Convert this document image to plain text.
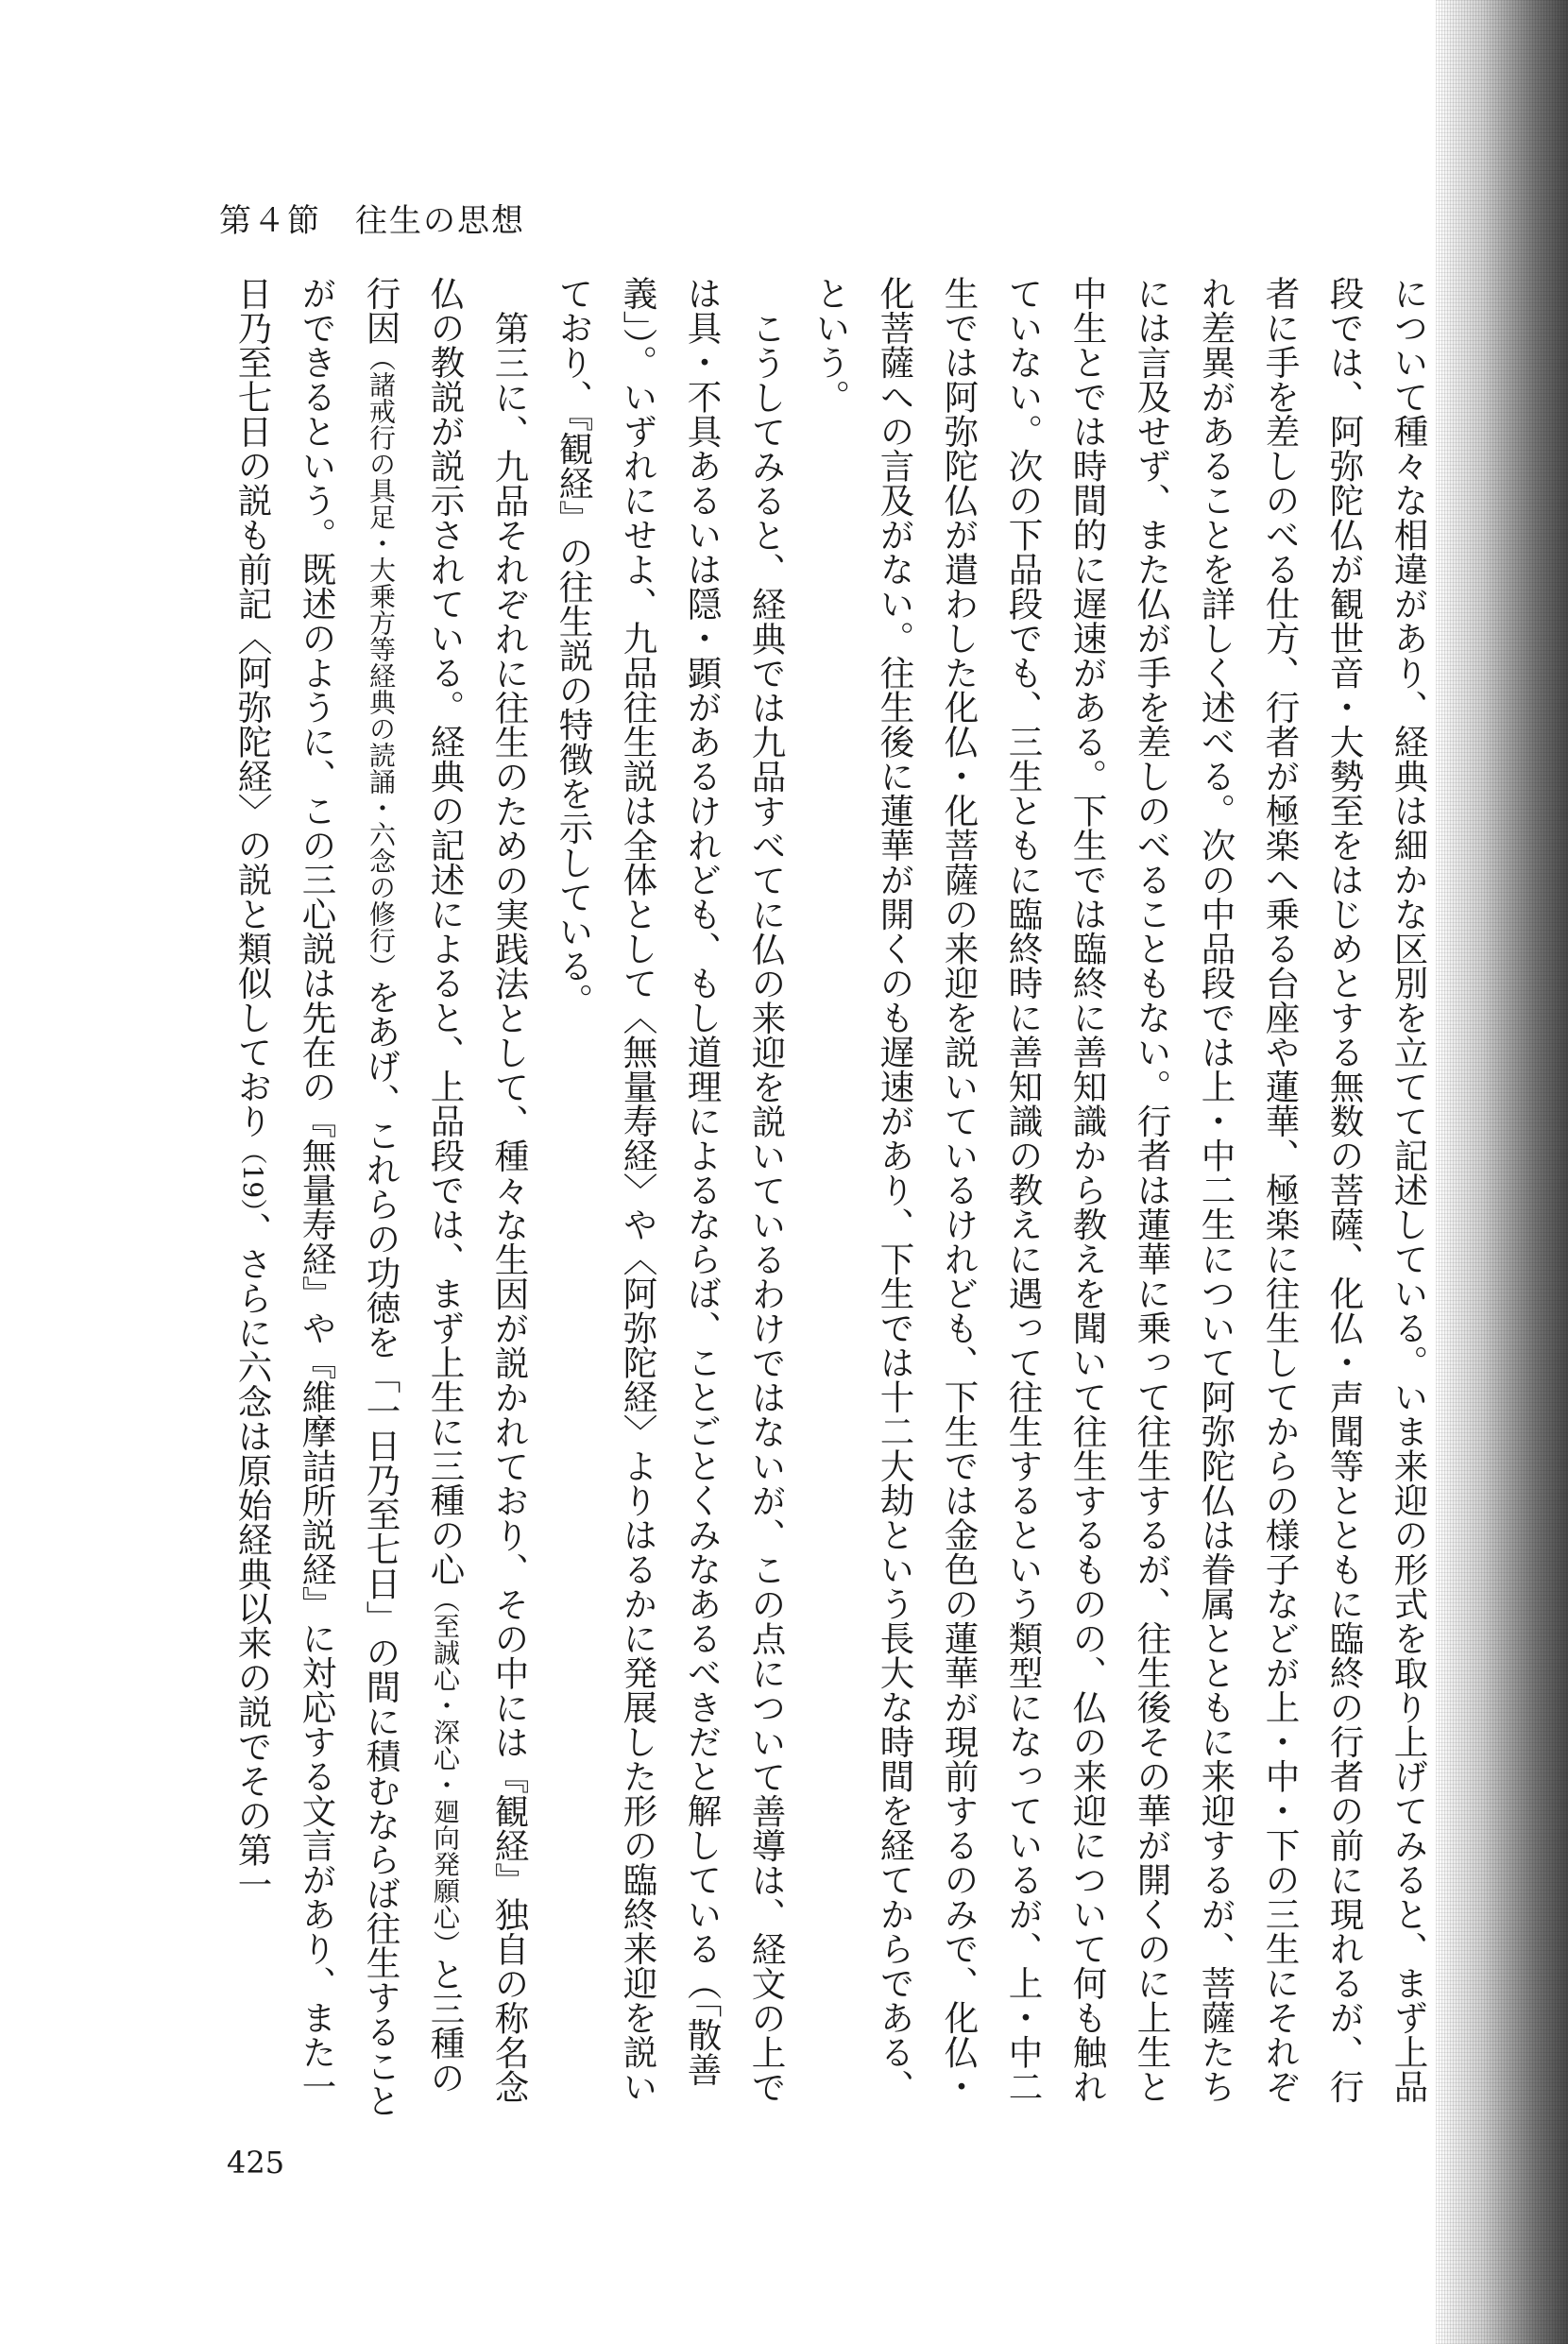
第４節　往生の思想

について種々な相違があり、経典は細かな区別を立てて記述している。いま来迎の形式を取り上げてみると、まず上品段では、阿弥陀仏が観世音・大勢至をはじめとする無数の菩薩、化仏・声聞等とともに臨終の行者の前に現れるが、行者に手を差しのべる仕方、行者が極楽へ乗る台座や蓮華、極楽に往生してからの様子などが上・中・下の三生にそれぞれ差異があることを詳しく述べる。次の中品段では上・中二生について阿弥陀仏は眷属とともに来迎するが、菩薩たちには言及せず、また仏が手を差しのべることもない。行者は蓮華に乗って往生するが、往生後その華が開くのに上生と中生とでは時間的に遅速がある。下生では臨終に善知識から教えを聞いて往生するものの、仏の来迎について何も触れていない。次の下品段でも、三生ともに臨終時に善知識の教えに遇って往生するという類型になっているが、上・中二生では阿弥陀仏が遣わした化仏・化菩薩の来迎を説いているけれども、下生では金色の蓮華が現前するのみで、化仏・化菩薩への言及がない。往生後に蓮華が開くのも遅速があり、下生では十二大劫という長大な時間を経てからである、という。

こうしてみると、経典では九品すべてに仏の来迎を説いているわけではないが、この点について善導は、経文の上では具・不具あるいは隠・顕があるけれども、もし道理によるならば、ことごとくみなあるべきだと解している（「散善義」）。いずれにせよ、九品往生説は全体として〈無量寿経〉や〈阿弥陀経〉よりはるかに発展した形の臨終来迎を説いており、『観経』の往生説の特徴を示している。

第三に、九品それぞれに往生のための実践法として、種々な生因が説かれており、その中には『観経』独自の称名念仏の教説が説示されている。経典の記述によると、上品段では、まず上生に三種の心（至誠心・深心・廻向発願心）と三種の行因（諸戒行の具足・大乗方等経典の読誦・六念の修行）をあげ、これらの功徳を「一日乃至七日」の間に積むならば往生することができるという。既述のように、この三心説は先在の『無量寿経』や『維摩詰所説経』に対応する文言があり、また一日乃至七日の説も前記〈阿弥陀経〉の説と類似しており（19）、さらに六念は原始経典以来の説でその第一

425
